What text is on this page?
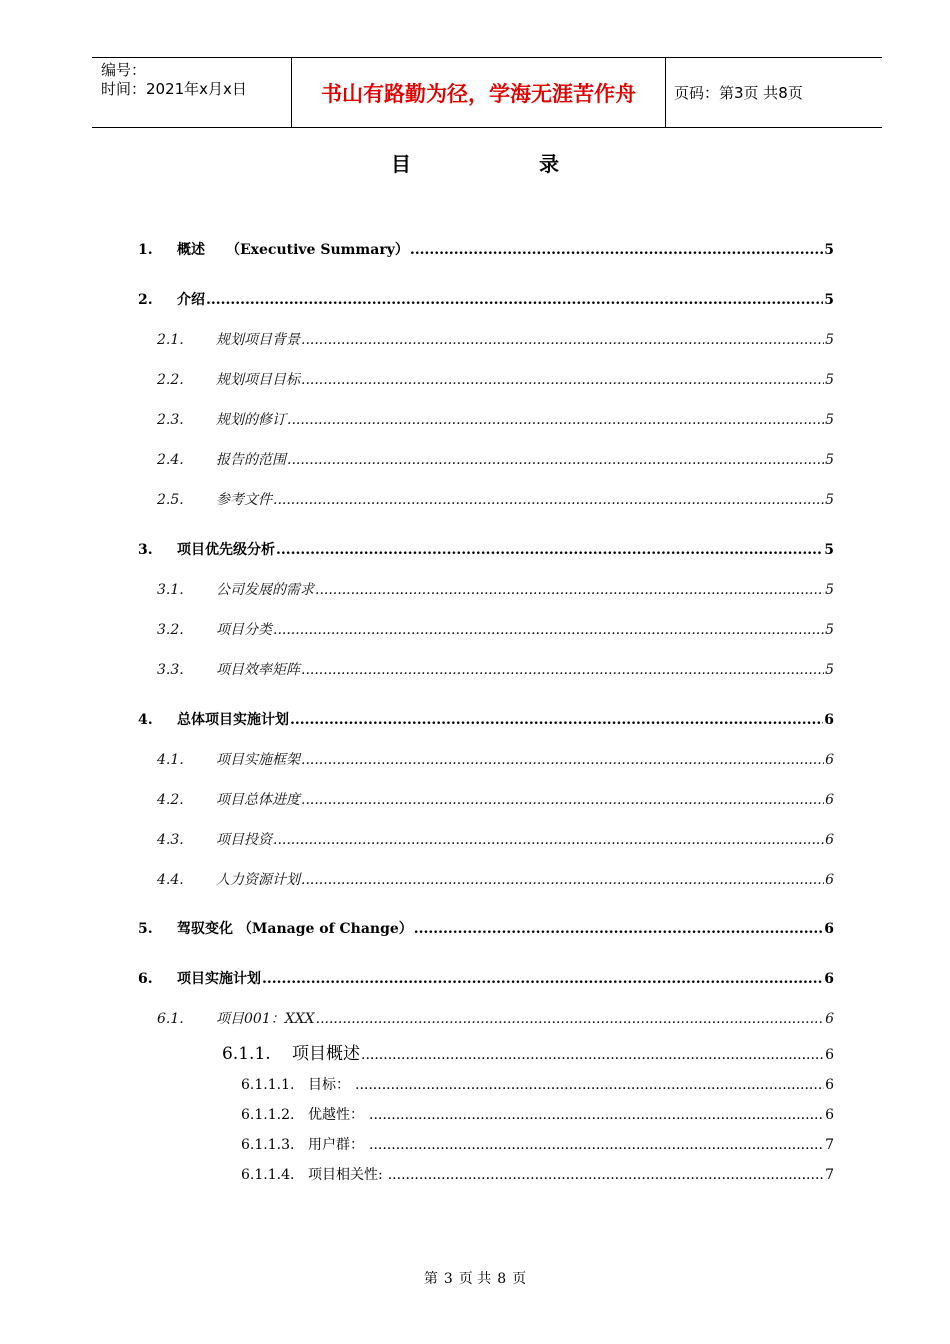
编号：
时间：2021年x月x日	书山有路勤为径，学海无涯苦作舟	页码：第3页 共8页
目	录
1.	概述　　（Executive Summary） .....	5
2.	介绍 .....	5
2.1.	规划项目背景 .....	5
2.2.	规划项目目标 .....	5
2.3.	规划的修订 .....	5
2.4.	报告的范围 .....	5
2.5.	参考文件 .....	5
3.	项目优先级分析 .....	5
3.1.	公司发展的需求 .....	5
3.2.	项目分类 .....	5
3.3.	项目效率矩阵 .....	5
4.	总体项目实施计划 .....	6
4.1.	项目实施框架 .....	6
4.2.	项目总体进度 .....	6
4.3.	项目投资 .....	6
4.4.	人力资源计划 .....	6
5.	驾驭变化 （Manage of Change） .....	6
6.	项目实施计划 .....	6
6.1.	项目001：XXX .....	6
6.1.1.	项目概述 .....	6
6.1.1.1. 目标： .....	6
6.1.1.2. 优越性： .....	6
6.1.1.3. 用户群： .....	7
6.1.1.4. 项目相关性: .....	7
第 3 页 共 8 页
